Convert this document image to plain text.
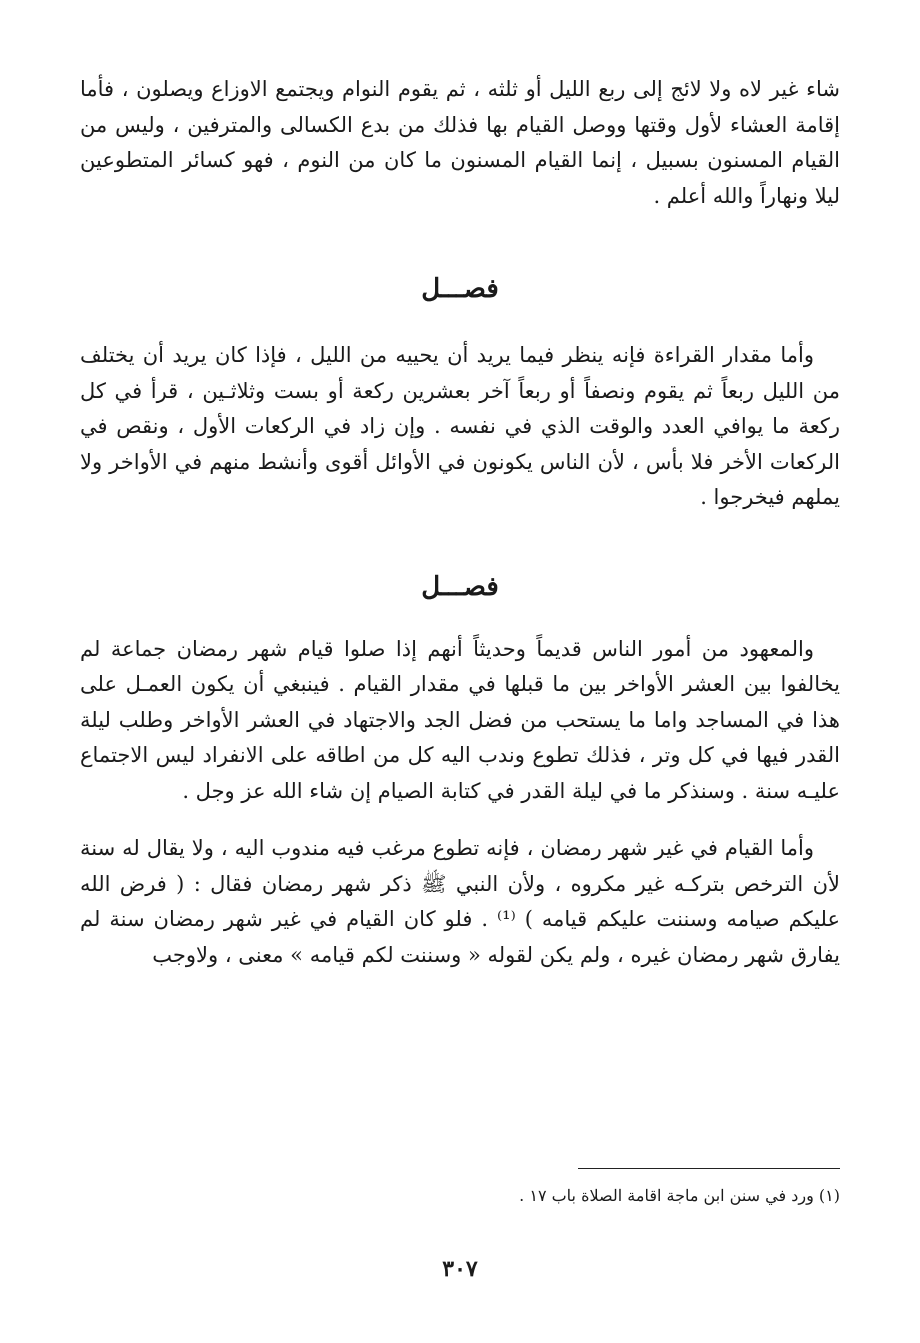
شاء غير لاه ولا لائج إلى ربع الليل أو ثلثه ، ثم يقوم النوام ويجتمع الاوزاع ويصلون ، فأما إقامة العشاء لأول وقتها ووصل القيام بها فذلك من بدع الكسالى والمترفين ، وليس من القيام المسنون بسبيل ، إنما القيام المسنون ما كان من النوم ، فهو كسائر المتطوعين ليلا ونهاراً والله أعلم .

فصـــل

وأما مقدار القراءة فإنه ينظر فيما يريد أن يحييه من الليل ، فإذا كان يريد أن يختلف من الليل ربعاً ثم يقوم ونصفاً أو ربعاً آخر بعشرين ركعة أو بست وثلاثـين ، قرأ في كل ركعة ما يوافي العدد والوقت الذي في نفسه . وإن زاد في الركعات الأول ، ونقص في الركعات الأخر فلا بأس ، لأن الناس يكونون في الأوائل أقوى وأنشط منهم في الأواخر ولا يملهم فيخرجوا .

فصـــل

والمعهود من أمور الناس قديماً وحديثاً أنهم إذا صلوا قيام شهر رمضان جماعة لم يخالفوا بين العشر الأواخر بين ما قبلها في مقدار القيام . فينبغي أن يكون العمـل على هذا في المساجد واما ما يستحب من فضل الجد والاجتهاد في العشر الأواخر وطلب ليلة القدر فيها في كل وتر ، فذلك تطوع وندب اليه كل من اطاقه على الانفراد ليس الاجتماع عليـه سنة . وسنذكر ما في ليلة القدر في كتابة الصيام إن شاء الله عز وجل .

وأما القيام في غير شهر رمضان ، فإنه تطوع مرغب فيه مندوب اليه ، ولا يقال له سنة لأن الترخص بتركـه غير مكروه ، ولأن النبي ﷺ ذكر شهر رمضان فقال : ( فرض الله عليكم صيامه وسننت عليكم قيامه ) ⁽¹⁾ . فلو كان القيام في غير شهر رمضان سنة لم يفارق شهر رمضان غيره ، ولم يكن لقوله « وسننت لكم قيامه » معنى ، ولاوجب

(١) ورد في سنن ابن ماجة اقامة الصلاة باب ١٧ .
٣٠٧
